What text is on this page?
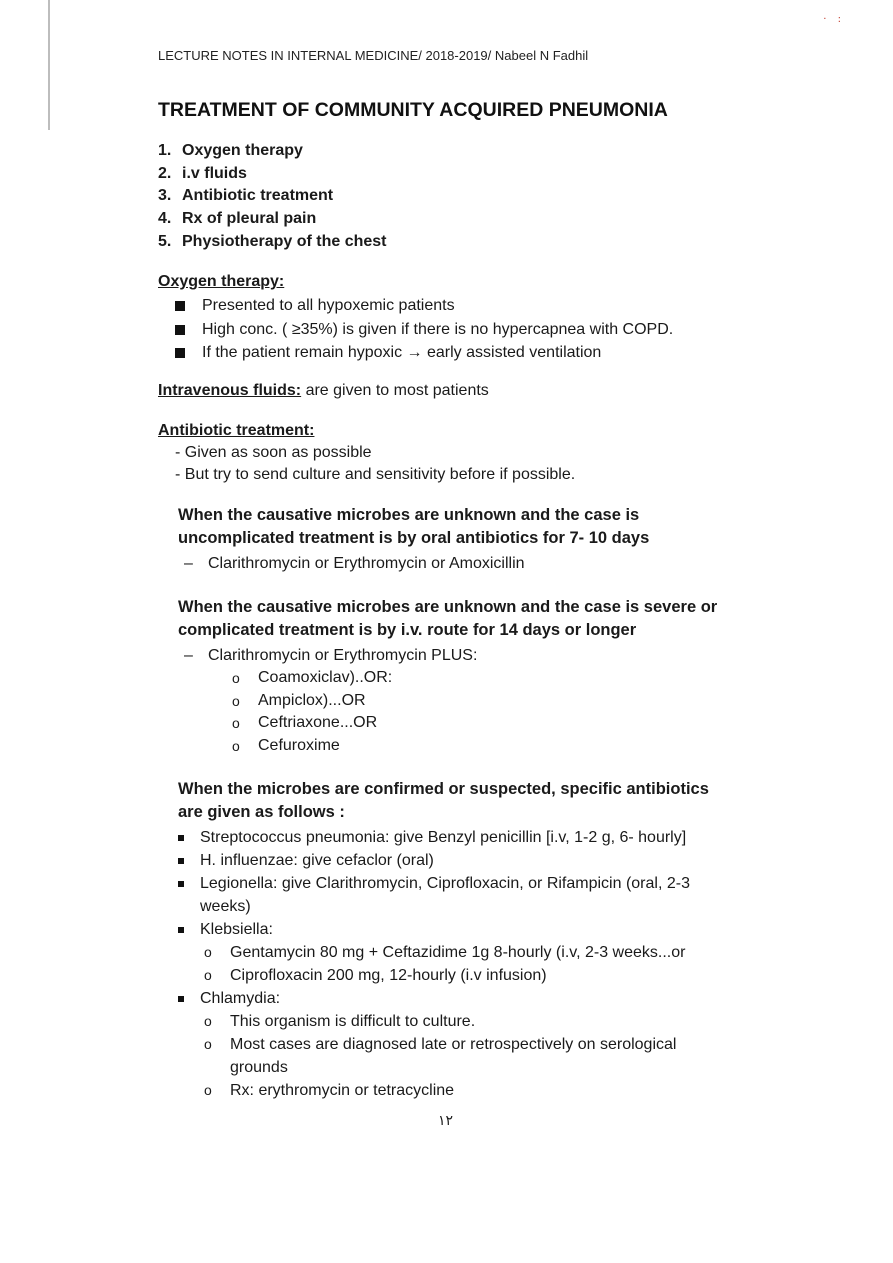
· :
LECTURE NOTES IN INTERNAL MEDICINE/ 2018-2019/ Nabeel N Fadhil
TREATMENT OF COMMUNITY ACQUIRED PNEUMONIA
1. Oxygen therapy
2. i.v fluids
3. Antibiotic treatment
4. Rx of pleural pain
5. Physiotherapy of the chest
Oxygen therapy:
Presented to all hypoxemic patients
High conc. ( ≥35%) is given if there is no hypercapnea with COPD.
If the patient remain hypoxic → early assisted ventilation
Intravenous fluids: are given to most patients
Antibiotic treatment:
- Given as soon as possible
- But try to send culture and sensitivity before if possible.

When the causative microbes are unknown and the case is uncomplicated treatment is by oral antibiotics for 7- 10 days

– Clarithromycin or Erythromycin or Amoxicillin

When the causative microbes are unknown and the case is severe or complicated treatment is by i.v. route for 14 days or longer

– Clarithromycin or Erythromycin PLUS:
o Coamoxiclav)..OR:
o Ampiclox)...OR
o Ceftriaxone...OR
o Cefuroxime

When the microbes are confirmed or suspected, specific antibiotics are given as follows :

Streptococcus pneumonia: give Benzyl penicillin [i.v, 1-2 g, 6- hourly]
H. influenzae: give cefaclor (oral)
Legionella: give Clarithromycin, Ciprofloxacin, or Rifampicin (oral, 2-3 weeks)
Klebsiella:
o Gentamycin 80 mg + Ceftazidime 1g 8-hourly (i.v, 2-3 weeks...or
o Ciprofloxacin 200 mg, 12-hourly (i.v infusion)
Chlamydia:
o This organism is difficult to culture.
o Most cases are diagnosed late or retrospectively on serological grounds
o Rx: erythromycin or tetracycline
١٢
